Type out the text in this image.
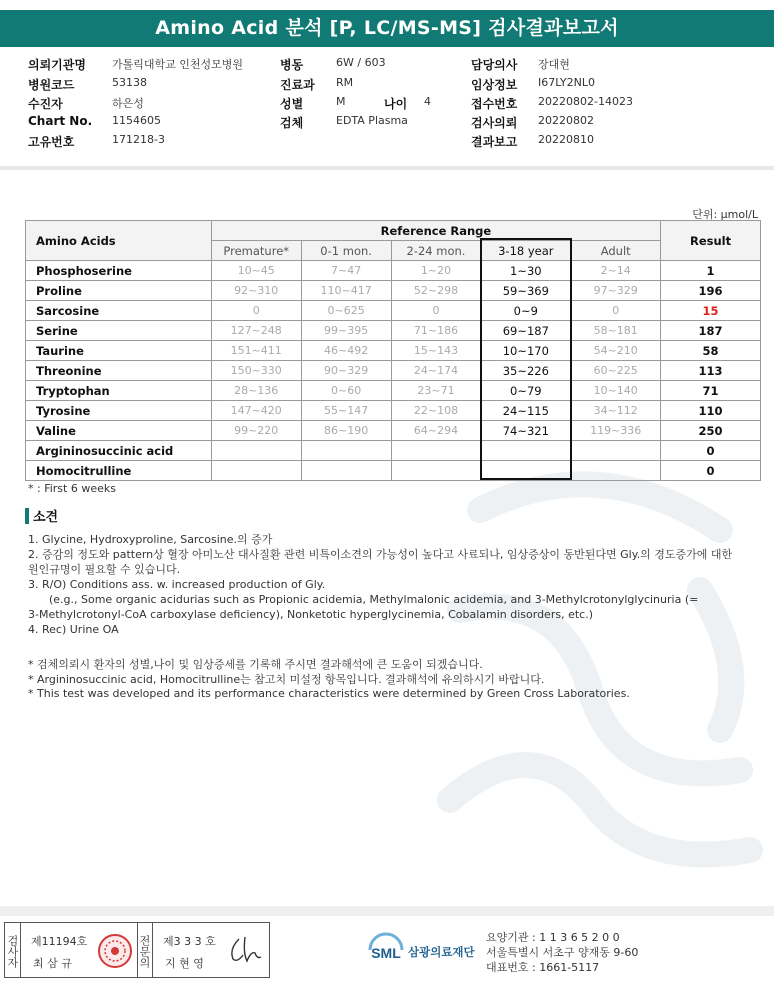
Amino Acid 분석 [P, LC/MS-MS] 검사결과보고서
의뢰기관명 가톨릭대학교 인천성모병원	병동	6W / 603	담당의사 장대현
병원코드	53138	진료과 RM	임상정보 I67LY2NL0
수진자	하은성	성별	M	나이 4	접수번호 20220802-14023
Chart No. 1154605	검체	EDTA Plasma	검사의뢰 20220802
고유번호	171218-3	결과보고 20220810
단위: μmol/L
Amino Acids	Reference Range					Result
	Premature*	0-1 mon.	2-24 mon.	3-18 year	Adult	
Phosphoserine	10~45	7~47	1~20	1~30	2~14	1
Proline	92~310	110~417	52~298	59~369	97~329	196
Sarcosine	0	0~625	0	0~9	0	15
Serine	127~248	99~395	71~186	69~187	58~181	187
Taurine	151~411	46~492	15~143	10~170	54~210	58
Threonine	150~330	90~329	24~174	35~226	60~225	113
Tryptophan	28~136	0~60	23~71	0~79	10~140	71
Tyrosine	147~420	55~147	22~108	24~115	34~112	110
Valine	99~220	86~190	64~294	74~321	119~336	250
Argininosuccinic acid						0
Homocitrulline						0
* : First 6 weeks
소견
1. Glycine, Hydroxyproline, Sarcosine.의 증가
2. 증감의 정도와 pattern상 혈장 아미노산 대사질환 관련 비특이소견의 가능성이 높다고 사료되나, 임상증상이 동반된다면 Gly.의 경도증가에 대한
원인규명이 필요할 수 있습니다.
3. R/O) Conditions ass. w. increased production of Gly.
(e.g., Some organic acidurias such as Propionic acidemia, Methylmalonic acidemia, and 3-Methylcrotonylglycinuria (=
3-Methylcrotonyl-CoA carboxylase deficiency), Nonketotic hyperglycinemia, Cobalamin disorders, etc.)
4. Rec) Urine OA
* 검체의뢰시 환자의 성별,나이 및 임상증세를 기록해 주시면 결과해석에 큰 도움이 되겠습니다.
* Argininosuccinic acid, Homocitrulline는 참고치 미설정 항목입니다. 결과해석에 유의하시기 바랍니다.
* This test was developed and its performance characteristics were determined by Green Cross Laboratories.
검사자 제11194호
최 삼 규	전문의 제3 3 3 호
지 현 영
SML 삼광의료재단
요양기관 : 1 1 3 6 5 2 0 0
서울특별시 서초구 양재동 9-60
대표번호 : 1661-5117
